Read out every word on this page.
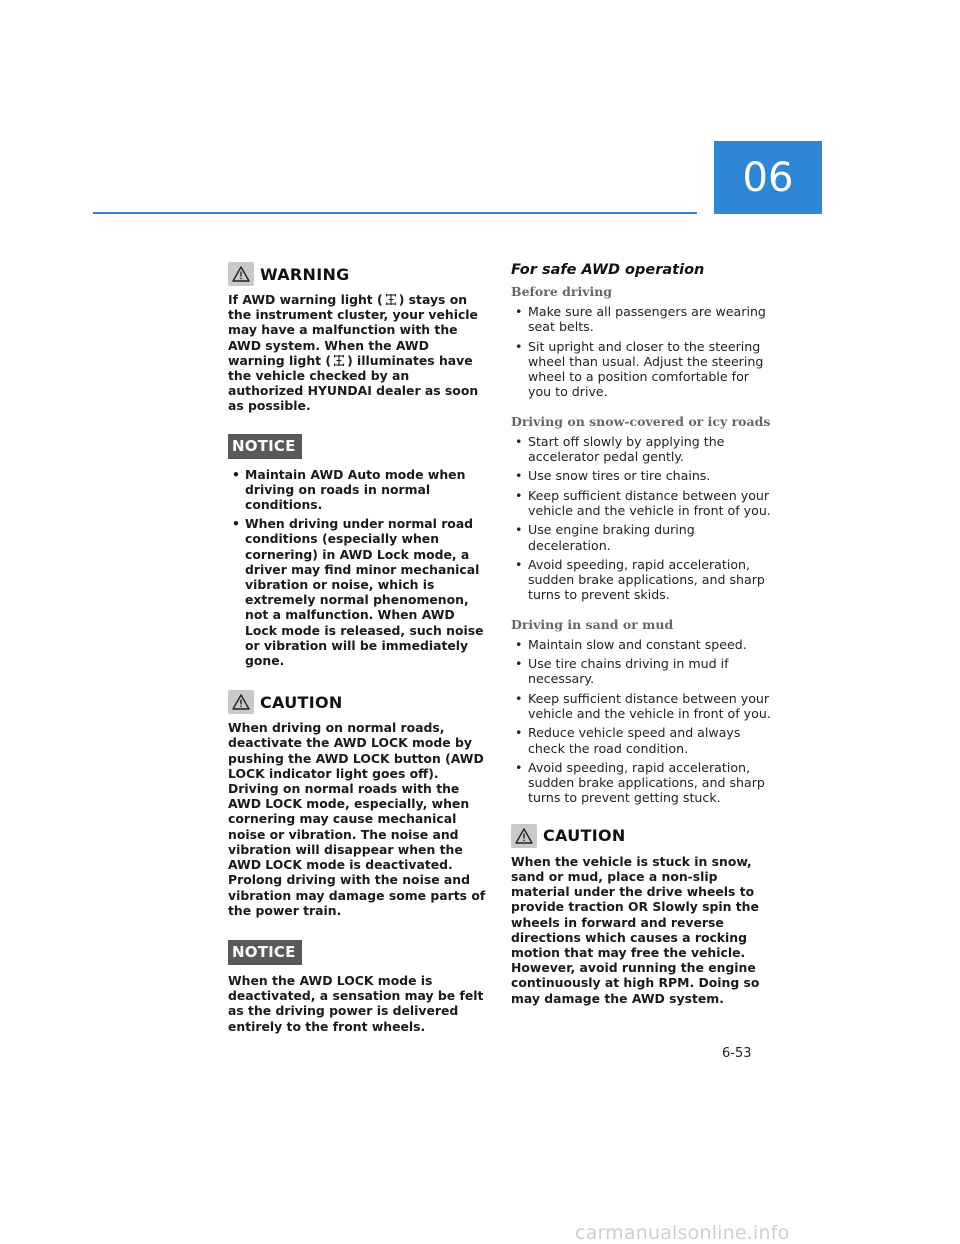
06
WARNING

If AWD warning light ( ) stays on the instrument cluster, your vehicle may have a malfunction with the AWD system. When the AWD warning light ( ) illuminates have the vehicle checked by an authorized HYUNDAI dealer as soon as possible.

NOTICE
• Maintain AWD Auto mode when driving on roads in normal conditions.
• When driving under normal road conditions (especially when cornering) in AWD Lock mode, a driver may find minor mechanical vibration or noise, which is extremely normal phenomenon, not a malfunction. When AWD Lock mode is released, such noise or vibration will be immediately gone.
CAUTION

When driving on normal roads, deactivate the AWD LOCK mode by pushing the AWD LOCK button (AWD LOCK indicator light goes off). Driving on normal roads with the AWD LOCK mode, especially, when cornering may cause mechanical noise or vibration. The noise and vibration will disappear when the AWD LOCK mode is deactivated. Prolong driving with the noise and vibration may damage some parts of the power train.

NOTICE

When the AWD LOCK mode is deactivated, a sensation may be felt as the driving power is delivered entirely to the front wheels.

For safe AWD operation

Before driving

• Make sure all passengers are wearing seat belts.
• Sit upright and closer to the steering wheel than usual. Adjust the steering wheel to a position comfortable for you to drive.

Driving on snow-covered or icy roads

• Start off slowly by applying the accelerator pedal gently.
• Use snow tires or tire chains.
• Keep sufficient distance between your vehicle and the vehicle in front of you.
• Use engine braking during deceleration.
• Avoid speeding, rapid acceleration, sudden brake applications, and sharp turns to prevent skids.

Driving in sand or mud

• Maintain slow and constant speed.
• Use tire chains driving in mud if necessary.
• Keep sufficient distance between your vehicle and the vehicle in front of you.
• Reduce vehicle speed and always check the road condition.
• Avoid speeding, rapid acceleration, sudden brake applications, and sharp turns to prevent getting stuck.
CAUTION

When the vehicle is stuck in snow, sand or mud, place a non-slip material under the drive wheels to provide traction OR Slowly spin the wheels in forward and reverse directions which causes a rocking motion that may free the vehicle. However, avoid running the engine continuously at high RPM. Doing so may damage the AWD system.

6-53
carmanualsonline.info
